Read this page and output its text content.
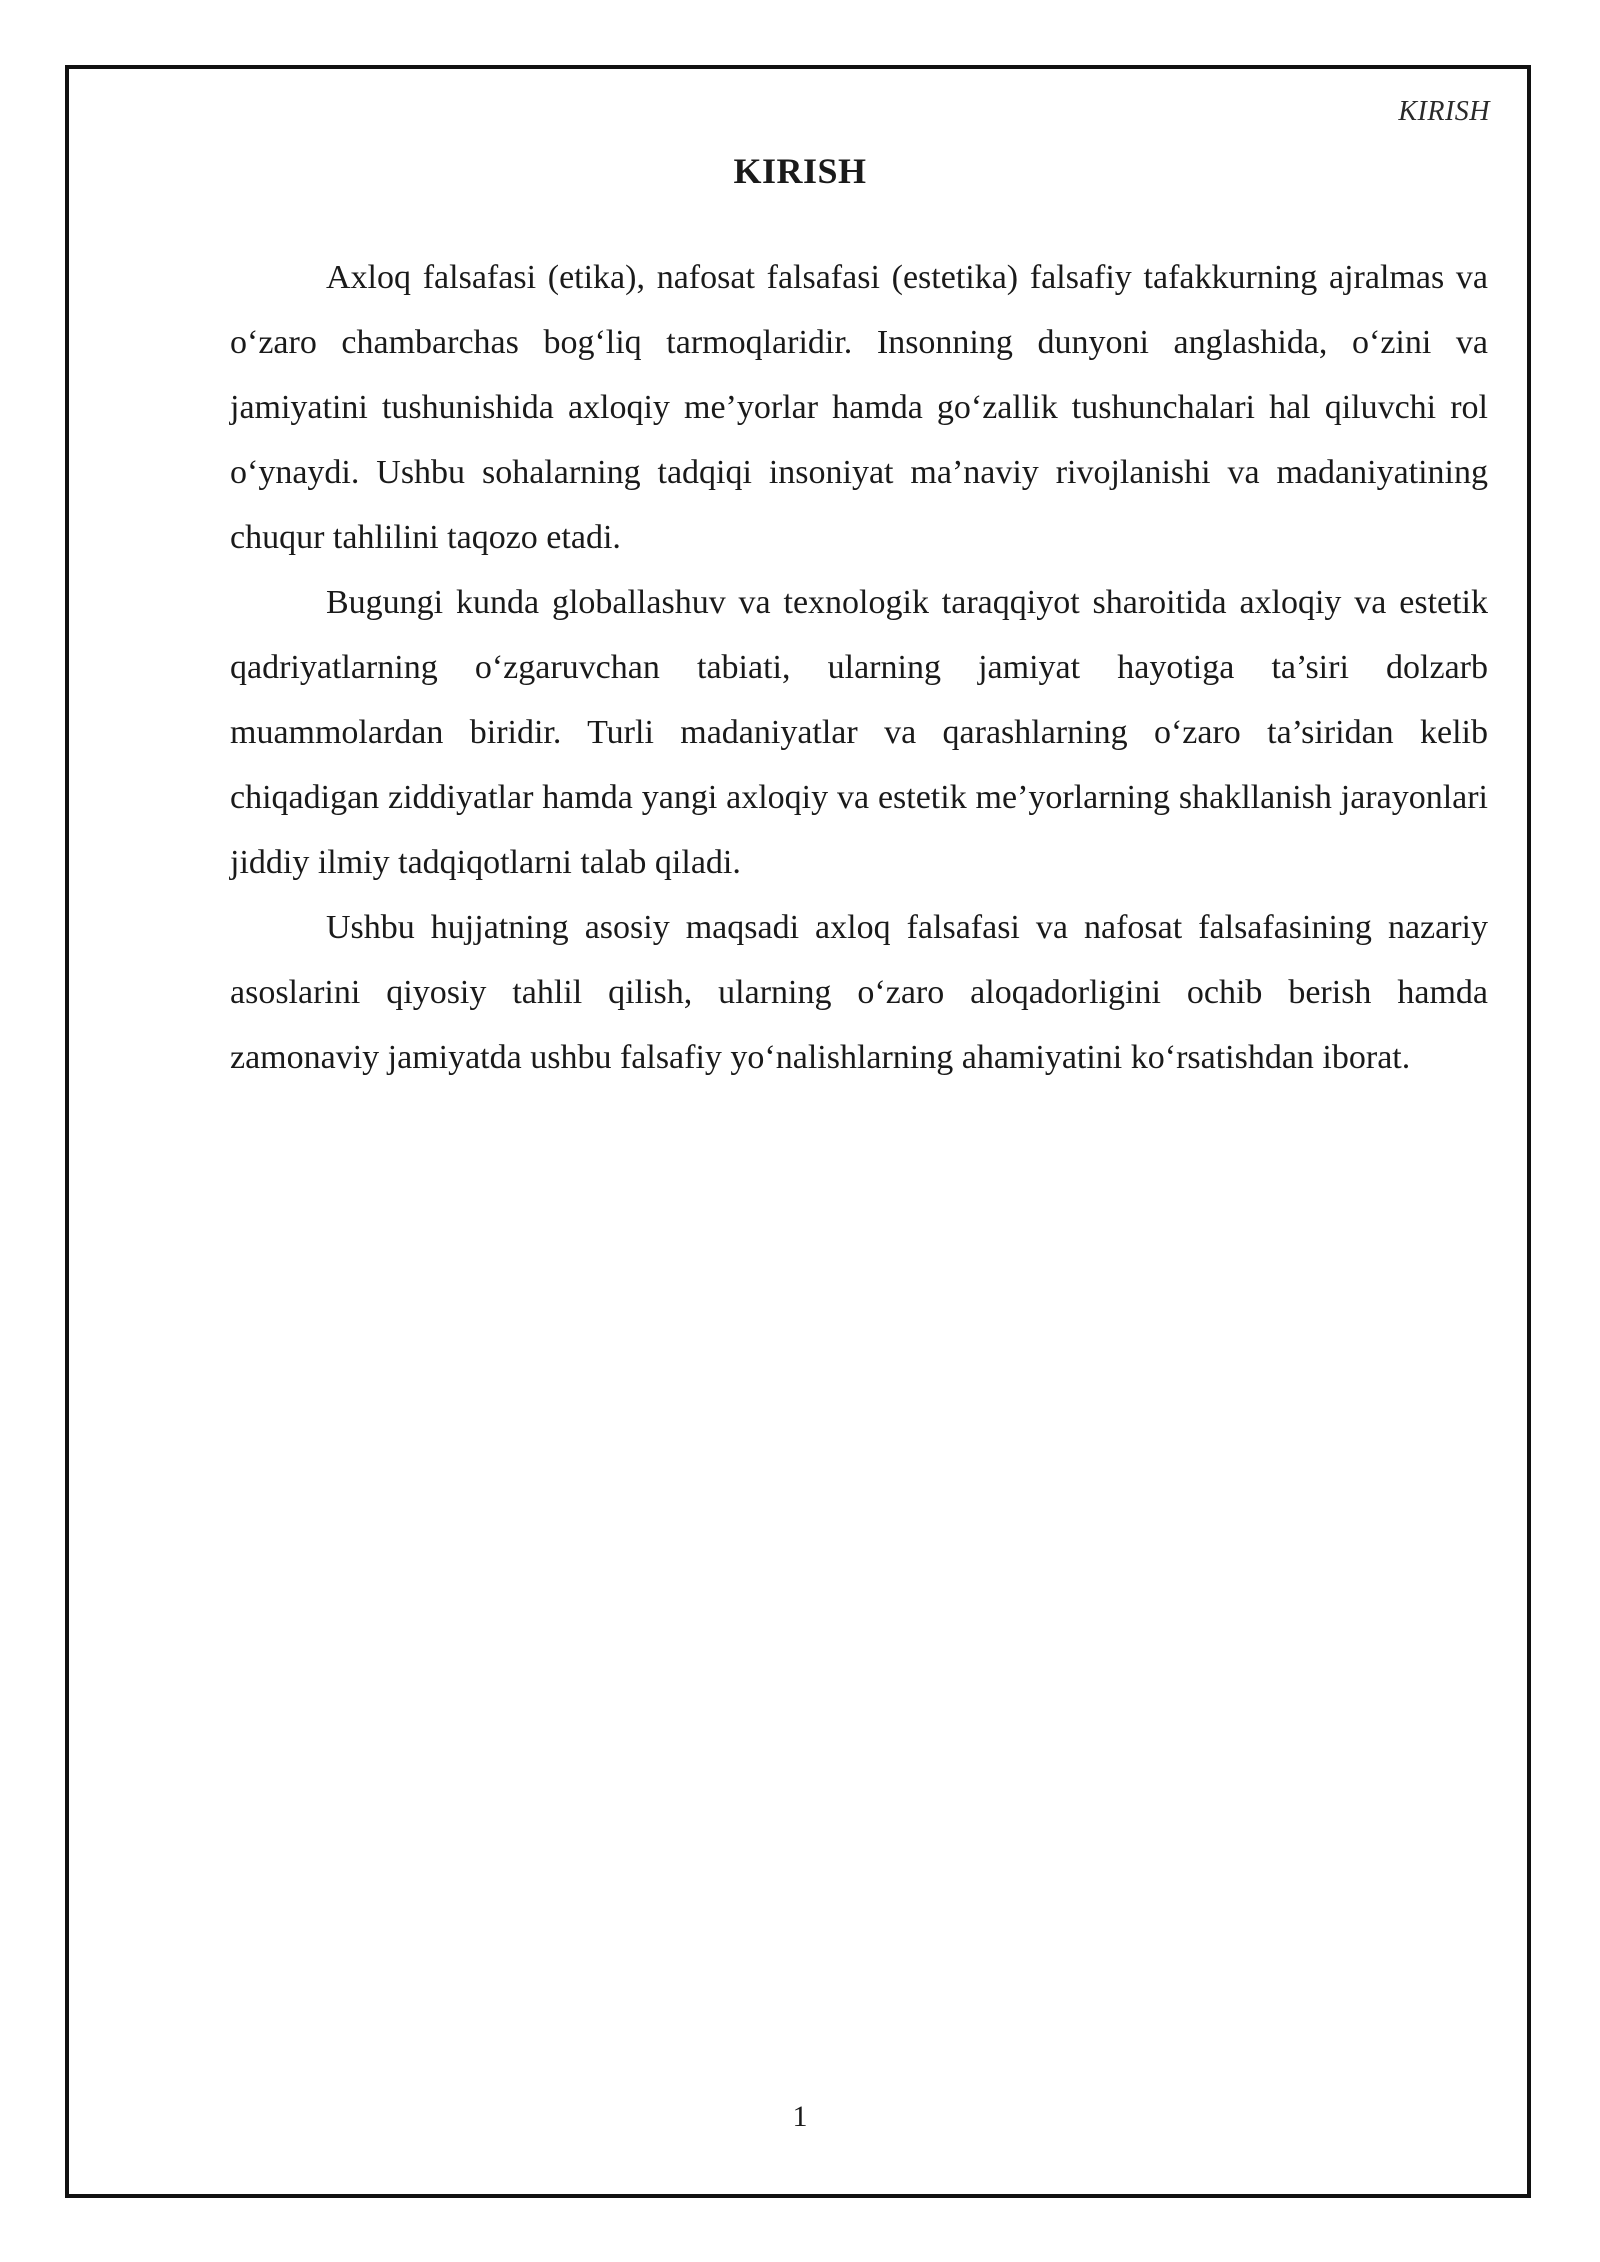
KIRISH
KIRISH

Axloq falsafasi (etika), nafosat falsafasi (estetika) falsafiy tafakkurning ajralmas va o‘zaro chambarchas bog‘liq tarmoqlaridir. Insonning dunyoni anglashida, o‘zini va jamiyatini tushunishida axloqiy me’yorlar hamda go‘zallik tushunchalari hal qiluvchi rol o‘ynaydi. Ushbu sohalarning tadqiqi insoniyat ma’naviy rivojlanishi va madaniyatining chuqur tahlilini taqozo etadi.

Bugungi kunda globallashuv va texnologik taraqqiyot sharoitida axloqiy va estetik qadriyatlarning o‘zgaruvchan tabiati, ularning jamiyat hayotiga ta’siri dolzarb muammolardan biridir. Turli madaniyatlar va qarashlarning o‘zaro ta’siridan kelib chiqadigan ziddiyatlar hamda yangi axloqiy va estetik me’yorlarning shakllanish jarayonlari jiddiy ilmiy tadqiqotlarni talab qiladi.

Ushbu hujjatning asosiy maqsadi axloq falsafasi va nafosat falsafasining nazariy asoslarini qiyosiy tahlil qilish, ularning o‘zaro aloqadorligini ochib berish hamda zamonaviy jamiyatda ushbu falsafiy yo‘nalishlarning ahamiyatini ko‘rsatishdan iborat.

1
